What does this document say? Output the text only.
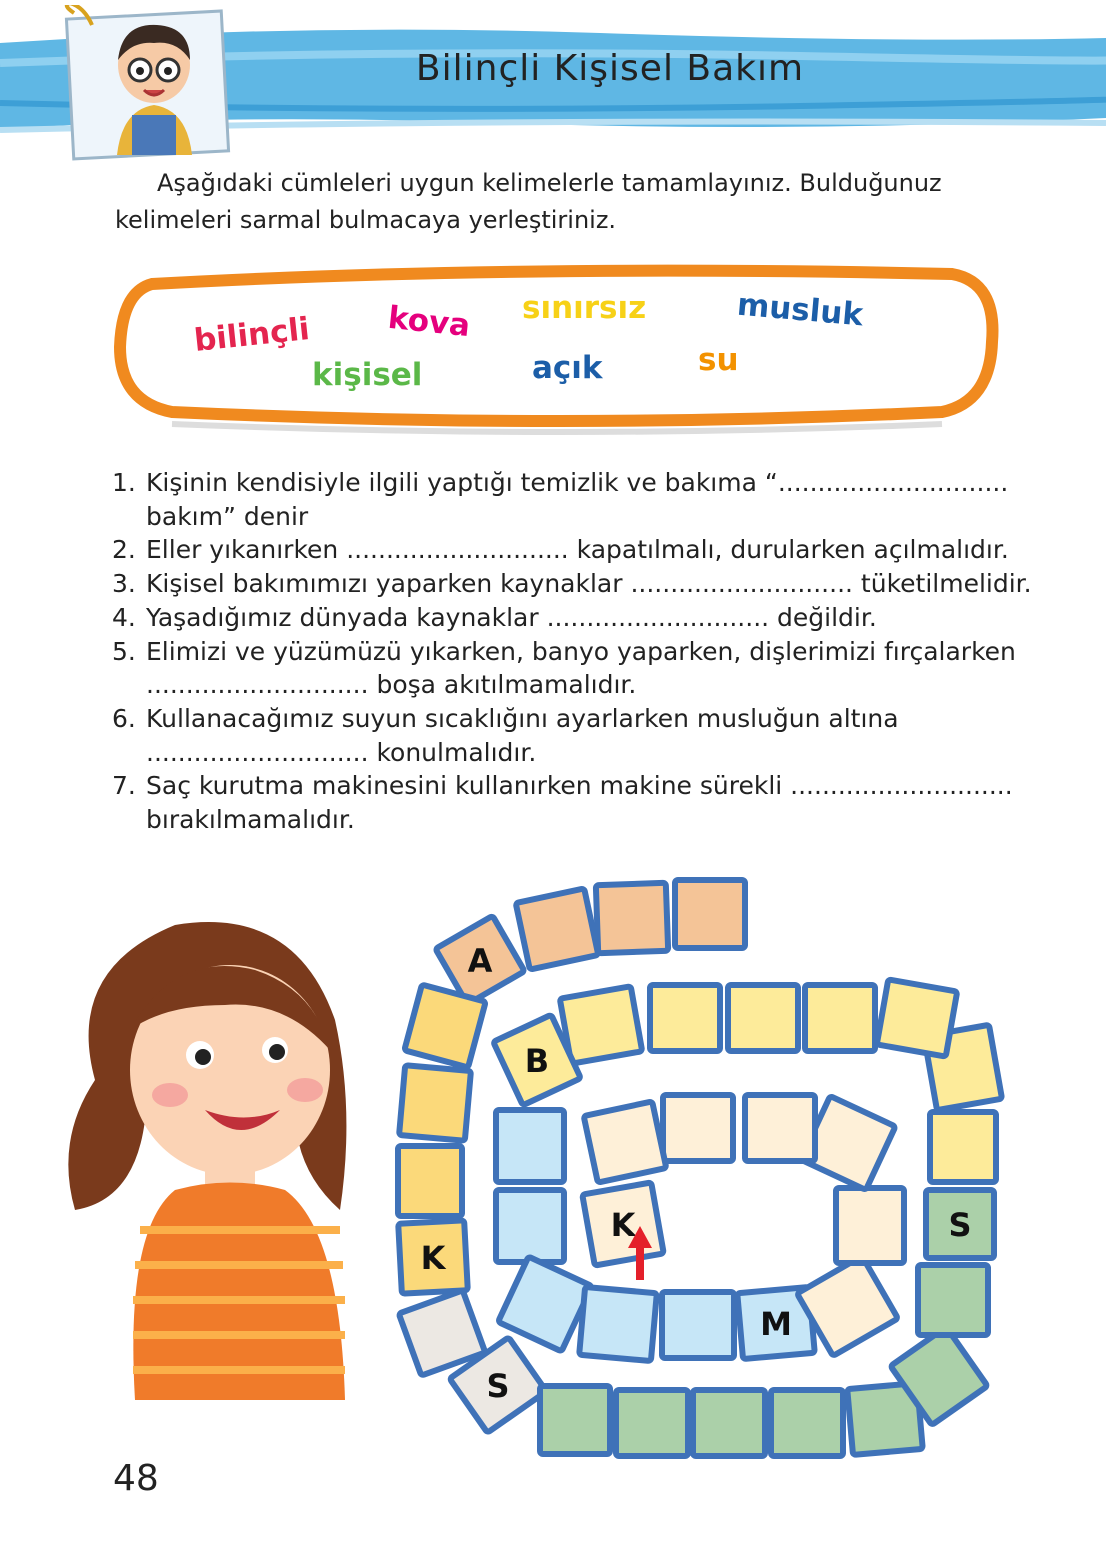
Bilinçli Kişisel Bakım
Aşağıdaki cümleleri uygun kelimelerle tamamlayınız. Bulduğunuz
kelimeleri sarmal bulmacaya yerleştiriniz.
bilinçli kova sınırsız	musluk
kişisel	açık	su
1. Kişinin kendisiyle ilgili yaptığı temizlik ve bakıma “.............................
bakım” denir
2. Eller yıkanırken ............................ kapatılmalı, durularken açılmalıdır.
3. Kişisel bakımımızı yaparken kaynaklar ............................ tüketilmelidir.
4. Yaşadığımız dünyada kaynaklar ............................ değildir.
5. Elimizi ve yüzümüzü yıkarken, banyo yaparken, dişlerimizi fırçalarken
............................ boşa akıtılmamalıdır.
6. Kullanacağımız suyun sıcaklığını ayarlarken musluğun altına
............................ konulmalıdır.
7. Saç kurutma makinesini kullanırken makine sürekli ............................
bırakılmamalıdır.
A
K
S
S
B
M
K
48
